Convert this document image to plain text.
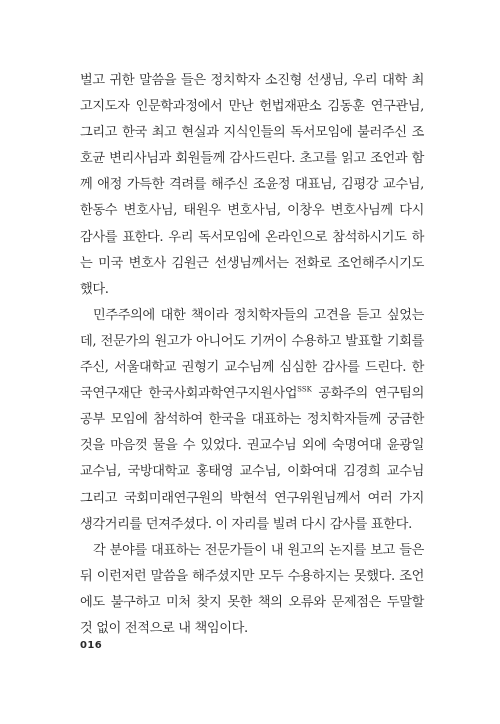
벌고 귀한 말씀을 들은 정치학자 소진형 선생님, 우리 대학 최고지도자 인문학과정에서 만난 헌법재판소 김동훈 연구관님, 그리고 한국 최고 현실과 지식인들의 독서모임에 불러주신 조호균 변리사님과 회원들께 감사드린다. 초고를 읽고 조언과 함께 애정 가득한 격려를 해주신 조윤정 대표님, 김평강 교수님, 한동수 변호사님, 태원우 변호사님, 이창우 변호사님께 다시 감사를 표한다. 우리 독서모임에 온라인으로 참석하시기도 하는 미국 변호사 김원근 선생님께서는 전화로 조언해주시기도 했다.

민주주의에 대한 책이라 정치학자들의 고견을 듣고 싶었는데, 전문가의 원고가 아니어도 기꺼이 수용하고 발표할 기회를 주신, 서울대학교 권형기 교수님께 심심한 감사를 드린다. 한국연구재단 한국사회과학연구지원사업$^{SSK}$ 공화주의 연구팀의 공부 모임에 참석하여 한국을 대표하는 정치학자들께 궁금한 것을 마음껏 물을 수 있었다. 권교수님 외에 숙명여대 윤광일 교수님, 국방대학교 홍태영 교수님, 이화여대 김경희 교수님 그리고 국회미래연구원의 박현석 연구위원님께서 여러 가지 생각거리를 던져주셨다. 이 자리를 빌려 다시 감사를 표한다.

각 분야를 대표하는 전문가들이 내 원고의 논지를 보고 들은 뒤 이런저런 말씀을 해주셨지만 모두 수용하지는 못했다. 조언에도 불구하고 미처 찾지 못한 책의 오류와 문제점은 두말할 것 없이 전적으로 내 책임이다.

016
